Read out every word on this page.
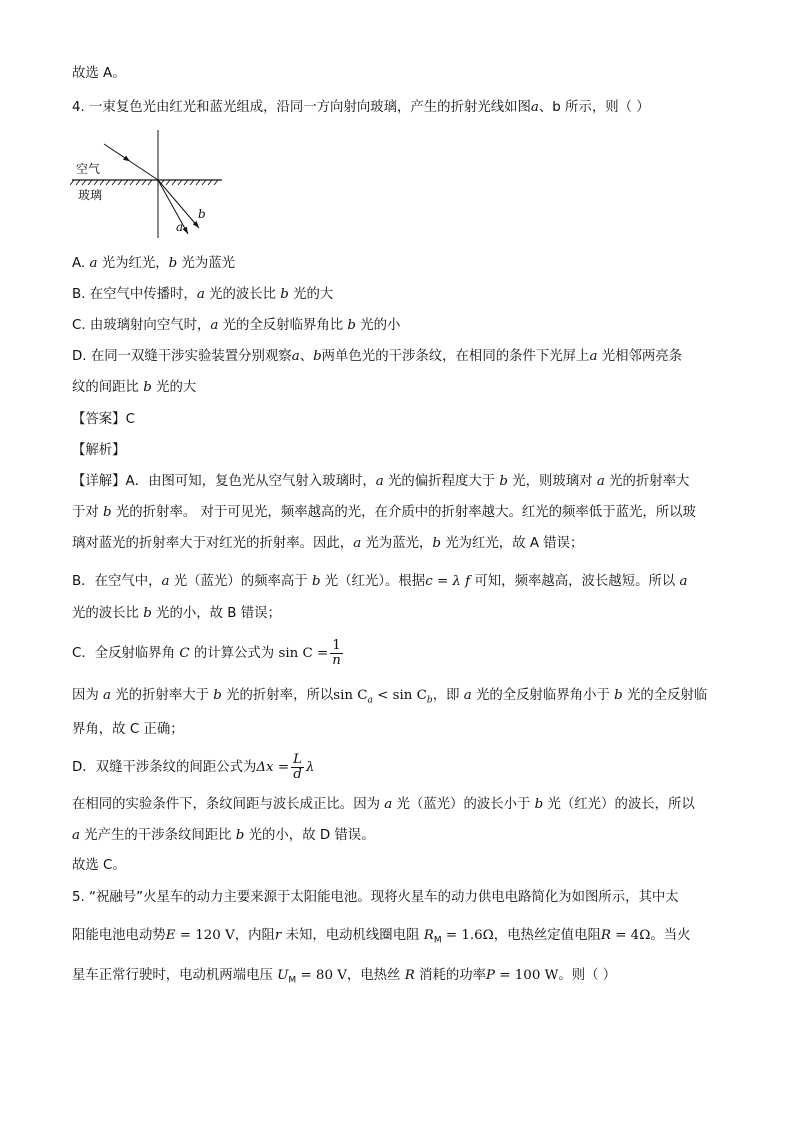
故选 A。
4. 一束复色光由红光和蓝光组成，沿同一方向射向玻璃，产生的折射光线如图a、b 所示，则（ ）
空气
玻璃
a
b
A. a 光为红光，b 光为蓝光
B. 在空气中传播时，a 光的波长比 b 光的大
C. 由玻璃射向空气时，a 光的全反射临界角比 b 光的小
D. 在同一双缝干涉实验装置分别观察a、b两单色光的干涉条纹，在相同的条件下光屏上a 光相邻两亮条
纹的间距比 b 光的大
【答案】C
【解析】
【详解】A．由图可知，复色光从空气射入玻璃时，a 光的偏折程度大于 b 光，则玻璃对 a 光的折射率大
于对 b 光的折射率。 对于可见光，频率越高的光，在介质中的折射率越大。红光的频率低于蓝光，所以玻
璃对蓝光的折射率大于对红光的折射率。因此，a 光为蓝光，b 光为红光，故 A 错误；
B．在空气中，a 光（蓝光）的频率高于 b 光（红光）。根据c = λ f 可知，频率越高，波长越短。所以 a
光的波长比 b 光的小，故 B 错误；
C．全反射临界角 C 的计算公式为 $\sin C = \frac{1}{n}$
因为 a 光的折射率大于 b 光的折射率，所以$\sin C_a < \sin C_b$，即 a 光的全反射临界角小于 b 光的全反射临
界角，故 C 正确；
D．双缝干涉条纹的间距公式为$\Delta x = \frac{L}{d}$ λ
在相同的实验条件下，条纹间距与波长成正比。因为 a 光（蓝光）的波长小于 b 光（红光）的波长，所以
a 光产生的干涉条纹间距比 b 光的小，故 D 错误。
故选 C。
5. “祝融号”火星车的动力主要来源于太阳能电池。现将火星车的动力供电电路简化为如图所示，其中太
阳能电池电动势E = 120 V，内阻r 未知，电动机线圈电阻 $R_M = 1.6\Omega$，电热丝定值电阻R = 4Ω。当火
星车正常行驶时，电动机两端电压 $U_M = 80$ V，电热丝 R 消耗的功率P = 100 W。则（ ）
